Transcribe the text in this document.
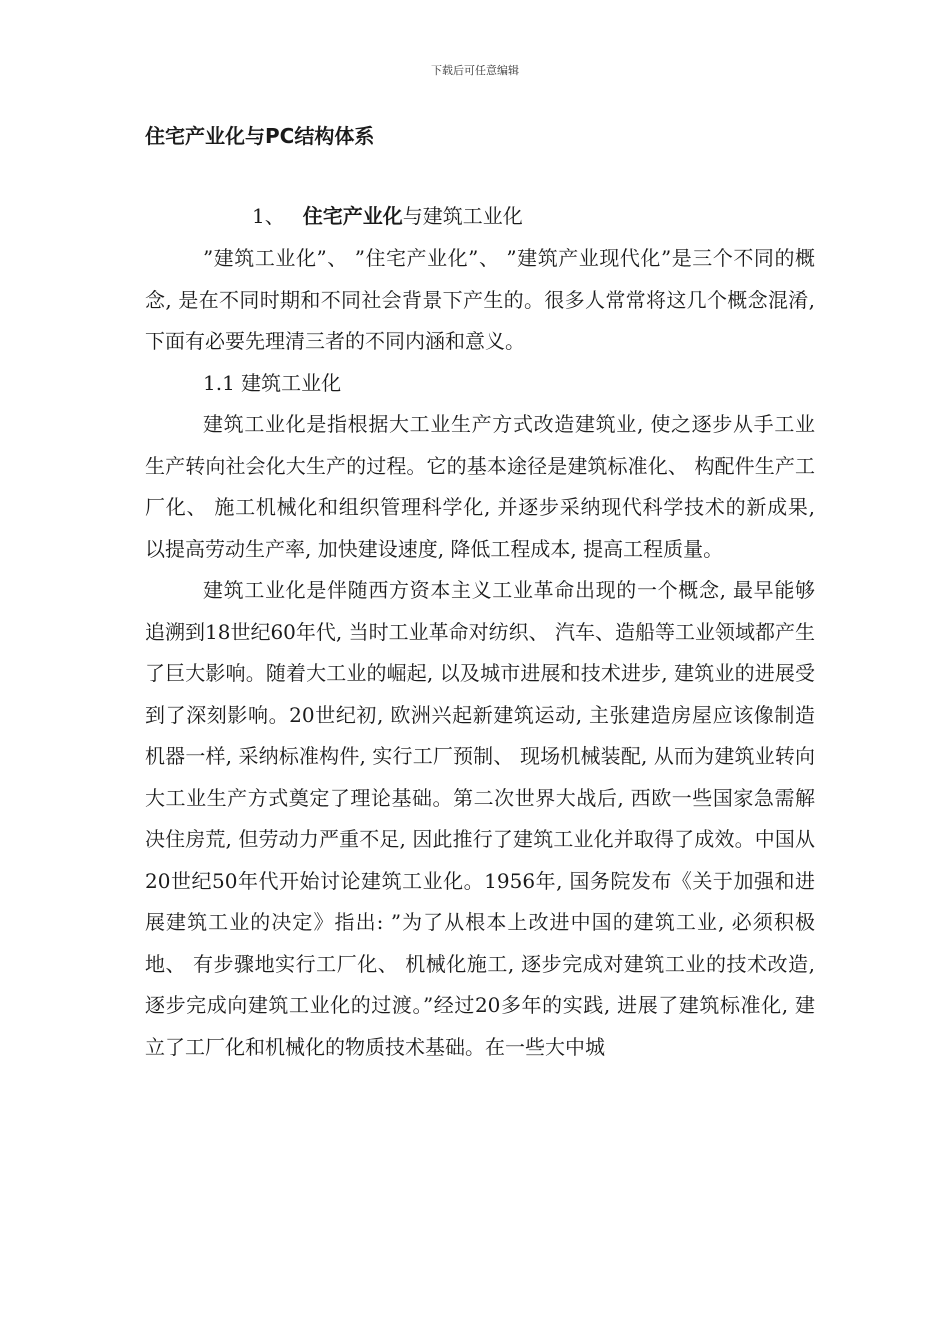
下载后可任意编辑
住宅产业化与PC结构体系
1、 住宅产业化与建筑工业化

”建筑工业化”、 ”住宅产业化”、 ”建筑产业现代化”是三个不同的概念, 是在不同时期和不同社会背景下产生的。很多人常常将这几个概念混淆, 下面有必要先理清三者的不同内涵和意义。

1.1 建筑工业化

建筑工业化是指根据大工业生产方式改造建筑业, 使之逐步从手工业生产转向社会化大生产的过程。它的基本途径是建筑标准化、 构配件生产工厂化、 施工机械化和组织管理科学化, 并逐步采纳现代科学技术的新成果, 以提高劳动生产率, 加快建设速度, 降低工程成本, 提高工程质量。

建筑工业化是伴随西方资本主义工业革命出现的一个概念, 最早能够追溯到18世纪60年代, 当时工业革命对纺织、 汽车、造船等工业领域都产生了巨大影响。随着大工业的崛起, 以及城市进展和技术进步, 建筑业的进展受到了深刻影响。20世纪初, 欧洲兴起新建筑运动, 主张建造房屋应该像制造机器一样, 采纳标准构件, 实行工厂预制、 现场机械装配, 从而为建筑业转向大工业生产方式奠定了理论基础。第二次世界大战后, 西欧一些国家急需解决住房荒, 但劳动力严重不足, 因此推行了建筑工业化并取得了成效。中国从20世纪50年代开始讨论建筑工业化。1956年, 国务院发布《关于加强和进展建筑工业的决定》指出: ”为了从根本上改进中国的建筑工业, 必须积极地、 有步骤地实行工厂化、 机械化施工, 逐步完成对建筑工业的技术改造, 逐步完成向建筑工业化的过渡。”经过20多年的实践, 进展了建筑标准化, 建立了工厂化和机械化的物质技术基础。在一些大中城
